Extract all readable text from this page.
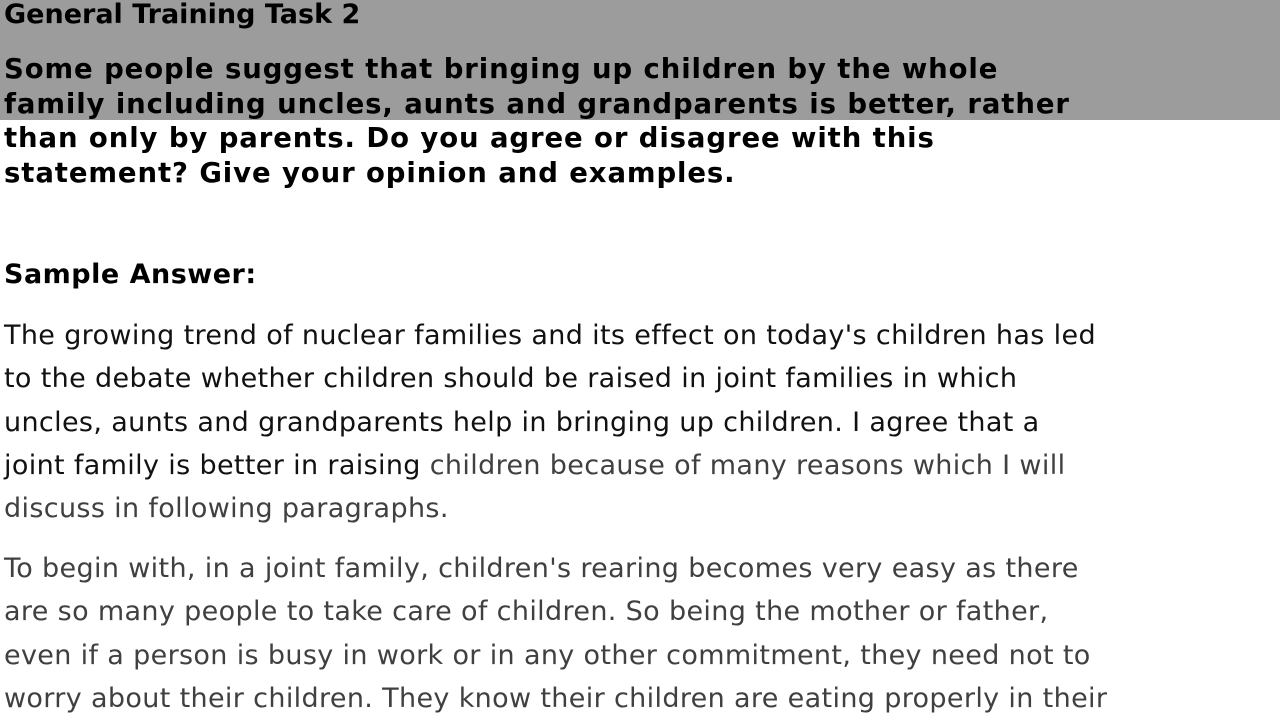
General Training Task 2
Some people suggest that bringing up children by the whole
family including uncles, aunts and grandparents is better, rather
than only by parents. Do you agree or disagree with this
statement? Give your opinion and examples.
Sample Answer:
The growing trend of nuclear families and its effect on today's children has led
to the debate whether children should be raised in joint families in which
uncles, aunts and grandparents help in bringing up children. I agree that a
joint family is better in raising children because of many reasons which I will
discuss in following paragraphs.
To begin with, in a joint family, children's rearing becomes very easy as there
are so many people to take care of children. So being the mother or father,
even if a person is busy in work or in any other commitment, they need not to
worry about their children. They know their children are eating properly in their
